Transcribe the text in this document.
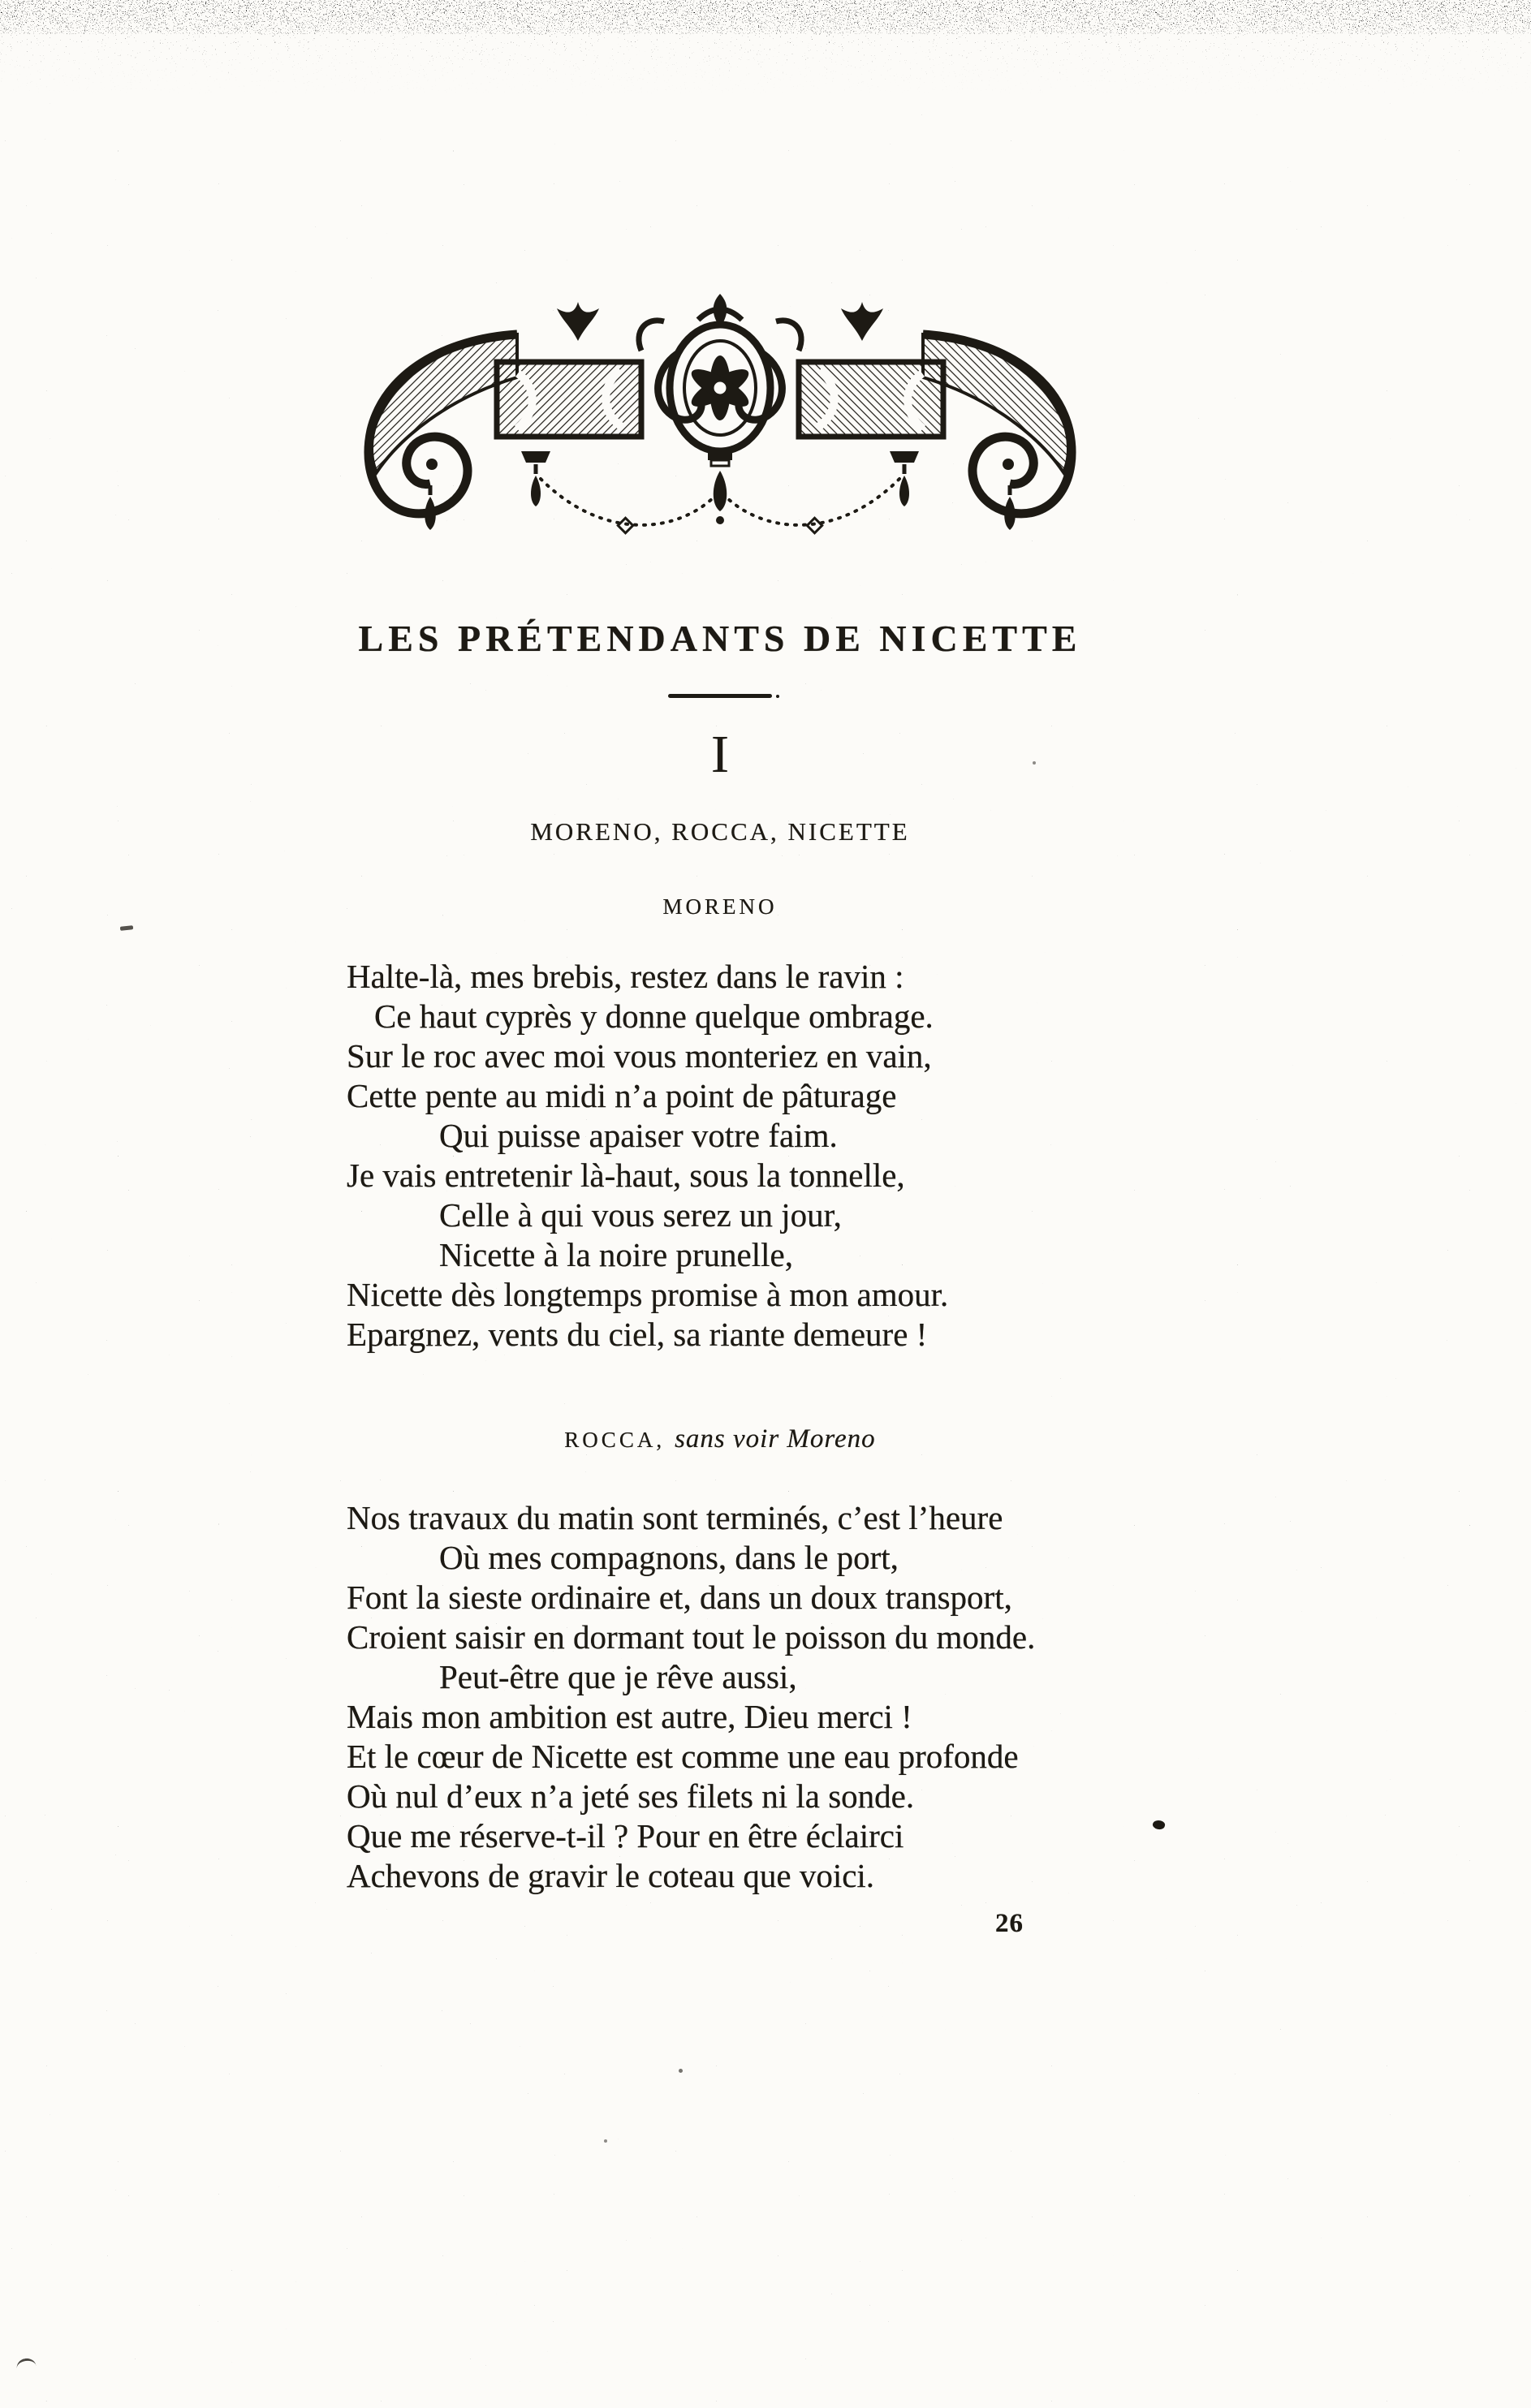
LES PRÉTENDANTS DE NICETTE
I
MORENO, ROCCA, NICETTE
MORENO
Halte-là, mes brebis, restez dans le ravin :
Ce haut cyprès y donne quelque ombrage.
Sur le roc avec moi vous monteriez en vain,
Cette pente au midi n’a point de pâturage
Qui puisse apaiser votre faim.
Je vais entretenir là-haut, sous la tonnelle,
Celle à qui vous serez un jour,
Nicette à la noire prunelle,
Nicette dès longtemps promise à mon amour.
Epargnez, vents du ciel, sa riante demeure !
ROCCA, sans voir Moreno
Nos travaux du matin sont terminés, c’est l’heure
Où mes compagnons, dans le port,
Font la sieste ordinaire et, dans un doux transport,
Croient saisir en dormant tout le poisson du monde.
Peut-être que je rêve aussi,
Mais mon ambition est autre, Dieu merci !
Et le cœur de Nicette est comme une eau profonde
Où nul d’eux n’a jeté ses filets ni la sonde.
Que me réserve-t-il ? Pour en être éclairci
Achevons de gravir le coteau que voici.
26
